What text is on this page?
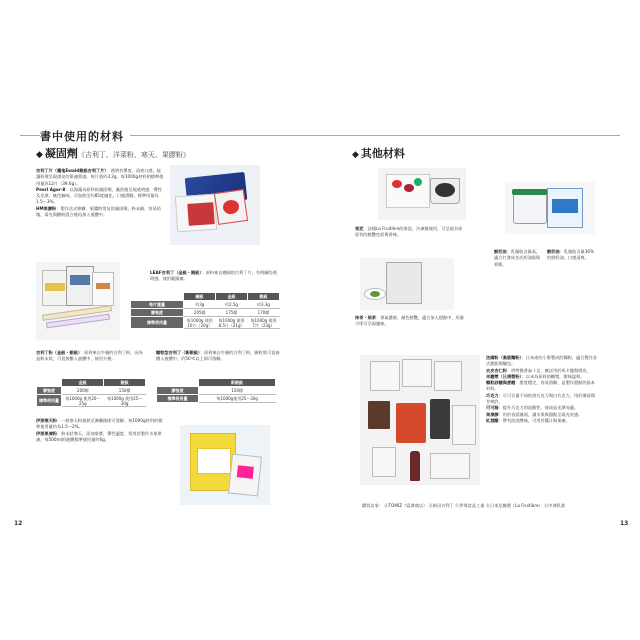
書中使用的材料
◆ 凝固劑《吉利丁、洋菜粉、寒天、果膠粉》
吉利丁片（魔鬼Ewald銀級吉利丁片）：透明有彈度、清爽口感，能讓料理呈現漂亮的果凍質感。每片重約3.3g，每1000g材料的標準使用量為12片（39.6g）。
Pearl Agar-8：以海藻為原料的凝固劑，凝固後呈現透明感，彈性及光澤，無色無味，可加熱至約85度融化，口感滑順，標準用量為1.5～3%。
HM果膠粉：製作法式軟糖、果醬時常見的凝固劑，粉末細，容易結塊，需先與糖粉混合後再加入液體中。
LEAF吉利丁（金級・銀級）：原料來自德國的吉利丁片，有明顯的透明感，使用範圍廣。
	銅級	金級	銀級
每片重量	約3g	約2.5g	約3.3g
膠強度	205標	175標	170標
標準使用量	每1000g 使用10片（20g）	每1000g 使用8.5片（21g）	每1000g 使用7片（23g）
吉利丁粉（金級・銀級）：原料來自牛豬的吉利丁粉，因為是粉末狀，可直接撒入液體中，使用方便。
	金級	銀級
膠強度	200標	150標
標準使用量	每1000g 使用20～25g	每1000g 使用25～30g
顆粒型吉利丁（新銀級）：原料來自牛豬的吉利丁粉，顆粒狀可直接撒入液體中，約50℃以上即可溶解。
	新銀級
膠強度	150標
標準使用量	每1000g使用25～30g
伊那寒天粉：一般寒天粉加熱至沸騰後即可溶解。每1000g材料的標準使用量約為1.5～2%。
伊那果凍粉：粉末狀寒天，添加果膠，彈性適度，常用於製作水果果凍，每500ml的液體標準使用量約6g。
12
◆ 其他材料
果泥：法國La Fruitière的果泥，冷凍後使用，可呈現水果原有的鮮艷色彩與香味。
鮮奶油：乳脂肪含量高，適合打發成各式奶油霜與慕斯。
鮮奶油：乳脂肪含量36%的鮮奶油，口感清爽。
抹茶・焙茶：香氣濃郁，顏色鮮艷，適合加入甜點中，用量少即可呈現風味。
法國粉（高筋麵粉）：日本產的小麥製成的麵粉，適合製作各式甜點與麵包。
去皮杏仁粉：烘烤後香氣十足，廣泛用於馬卡龍與塔皮。
米糖漿（日清製粉）：以米為原料的糖漿，甜味溫和。
顆粒砂糖與蔗糖：甜度穩定，容易溶解，是製作甜點的基本材料。
巧克力：可可含量不同的黑巧克力與白巧克力，用於淋面與甘納許。
可可脂：提升巧克力的流動性，使成品光澤亮麗。
果凍膠：用於表面淋面，讓水果與甜點呈現光亮感。
紅酒醋：帶有淡淡酸味，可用於醬汁與果凍。
購買店家： ⒶTOMIZ（富澤商店） Ⓑ新田吉利丁 Ⓒ伊那食品工業 Ⓓ日本尼爾禮（La Fruitière） Ⓔ中澤乳業
13
